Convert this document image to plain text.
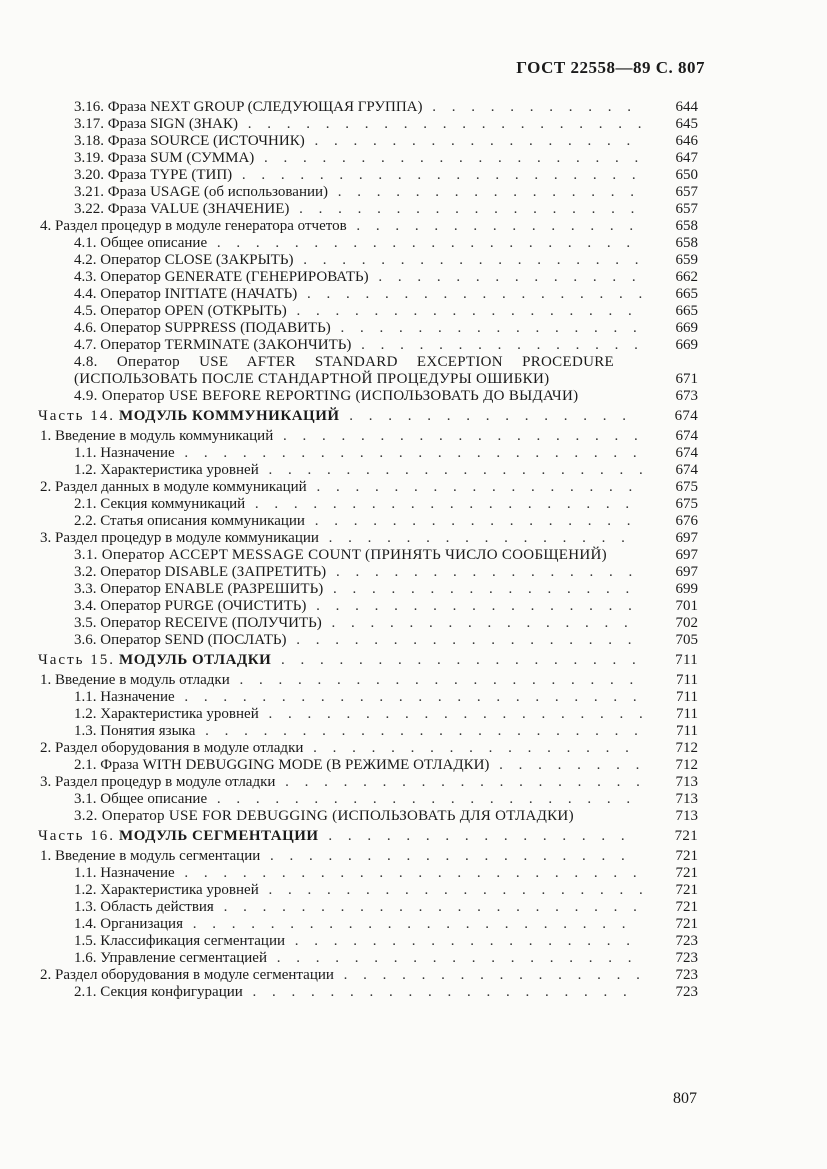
ГОСТ 22558—89 С. 807
3.16. Фраза NEXT GROUP (СЛЕДУЮЩАЯ ГРУППА) . . . . . . . . . . .	644
3.17. Фраза SIGN (ЗНАК) . . . . . . . . . . . . . . . . . . . . .	645
3.18. Фраза SOURCE (ИСТОЧНИК) . . . . . . . . . . . . . . . . .	646
3.19. Фраза SUM (СУММА) . . . . . . . . . . . . . . . . . . . .	647
3.20. Фраза TYPE (ТИП) . . . . . . . . . . . . . . . . . . . . .	650
3.21. Фраза USAGE (об использовании) . . . . . . . . . . . . . . . .	657
3.22. Фраза VALUE (ЗНАЧЕНИЕ) . . . . . . . . . . . . . . . . . .	657
4. Раздел процедур в модуле генератора отчетов . . . . . . . . . . . . . . .	658
4.1. Общее описание . . . . . . . . . . . . . . . . . . . . . .	658
4.2. Оператор CLOSE (ЗАКРЫТЬ) . . . . . . . . . . . . . . . . . .	659
4.3. Оператор GENERATE (ГЕНЕРИРОВАТЬ) . . . . . . . . . . . . . .	662
4.4. Оператор INITIATE (НАЧАТЬ) . . . . . . . . . . . . . . . . . .	665
4.5. Оператор OPEN (ОТКРЫТЬ) . . . . . . . . . . . . . . . . . .	665
4.6. Оператор SUPPRESS (ПОДАВИТЬ) . . . . . . . . . . . . . . . .	669
4.7. Оператор TERMINATE (ЗАКОНЧИТЬ) . . . . . . . . . . . . . . .	669
4.8. Оператор USE AFTER STANDARD EXCEPTION PROCEDURE (ИСПОЛЬЗОВАТЬ ПОСЛЕ СТАНДАРТНОЙ ПРОЦЕДУРЫ ОШИБКИ)	671
4.9. Оператор USE BEFORE REPORTING (ИСПОЛЬЗОВАТЬ ДО ВЫДАЧИ)	673
Часть 14. МОДУЛЬ КОММУНИКАЦИЙ . . . . . . . . . . . . . . .	674
1. Введение в модуль коммуникаций . . . . . . . . . . . . . . . . . . .	674
1.1. Назначение . . . . . . . . . . . . . . . . . . . . . . . .	674
1.2. Характеристика уровней . . . . . . . . . . . . . . . . . . . .	674
2. Раздел данных в модуле коммуникаций . . . . . . . . . . . . . . . . .	675
2.1. Секция коммуникаций . . . . . . . . . . . . . . . . . . . .	675
2.2. Статья описания коммуникации . . . . . . . . . . . . . . . . .	676
3. Раздел процедур в модуле коммуникации . . . . . . . . . . . . . . . .	697
3.1. Оператор ACCEPT MESSAGE COUNT (ПРИНЯТЬ ЧИСЛО СООБЩЕНИЙ)	697
3.2. Оператор DISABLE (ЗАПРЕТИТЬ) . . . . . . . . . . . . . . . .	697
3.3. Оператор ENABLE (РАЗРЕШИТЬ) . . . . . . . . . . . . . . . .	699
3.4. Оператор PURGE (ОЧИСТИТЬ) . . . . . . . . . . . . . . . . .	701
3.5. Оператор RECEIVE (ПОЛУЧИТЬ) . . . . . . . . . . . . . . . .	702
3.6. Оператор SEND (ПОСЛАТЬ) . . . . . . . . . . . . . . . . . .	705
Часть 15. МОДУЛЬ ОТЛАДКИ . . . . . . . . . . . . . . . . . . .	711
1. Введение в модуль отладки . . . . . . . . . . . . . . . . . . . . .	711
1.1. Назначение . . . . . . . . . . . . . . . . . . . . . . . .	711
1.2. Характеристика уровней . . . . . . . . . . . . . . . . . . . .	711
1.3. Понятия языка . . . . . . . . . . . . . . . . . . . . . . .	711
2. Раздел оборудования в модуле отладки . . . . . . . . . . . . . . . . .	712
2.1. Фраза WITH DEBUGGING MODE (В РЕЖИМЕ ОТЛАДКИ) . . . . . . . .	712
3. Раздел процедур в модуле отладки . . . . . . . . . . . . . . . . . . .	713
3.1. Общее описание . . . . . . . . . . . . . . . . . . . . . .	713
3.2. Оператор USE FOR DEBUGGING (ИСПОЛЬЗОВАТЬ ДЛЯ ОТЛАДКИ)	713
Часть 16. МОДУЛЬ СЕГМЕНТАЦИИ . . . . . . . . . . . . . . . .	721
1. Введение в модуль сегментации . . . . . . . . . . . . . . . . . . .	721
1.1. Назначение . . . . . . . . . . . . . . . . . . . . . . . .	721
1.2. Характеристика уровней . . . . . . . . . . . . . . . . . . . .	721
1.3. Область действия . . . . . . . . . . . . . . . . . . . . . .	721
1.4. Организация . . . . . . . . . . . . . . . . . . . . . . .	721
1.5. Классификация сегментации . . . . . . . . . . . . . . . . . .	723
1.6. Управление сегментацией . . . . . . . . . . . . . . . . . . .	723
2. Раздел оборудования в модуле сегментации . . . . . . . . . . . . . . . .	723
2.1. Секция конфигурации . . . . . . . . . . . . . . . . . . . .	723
807
